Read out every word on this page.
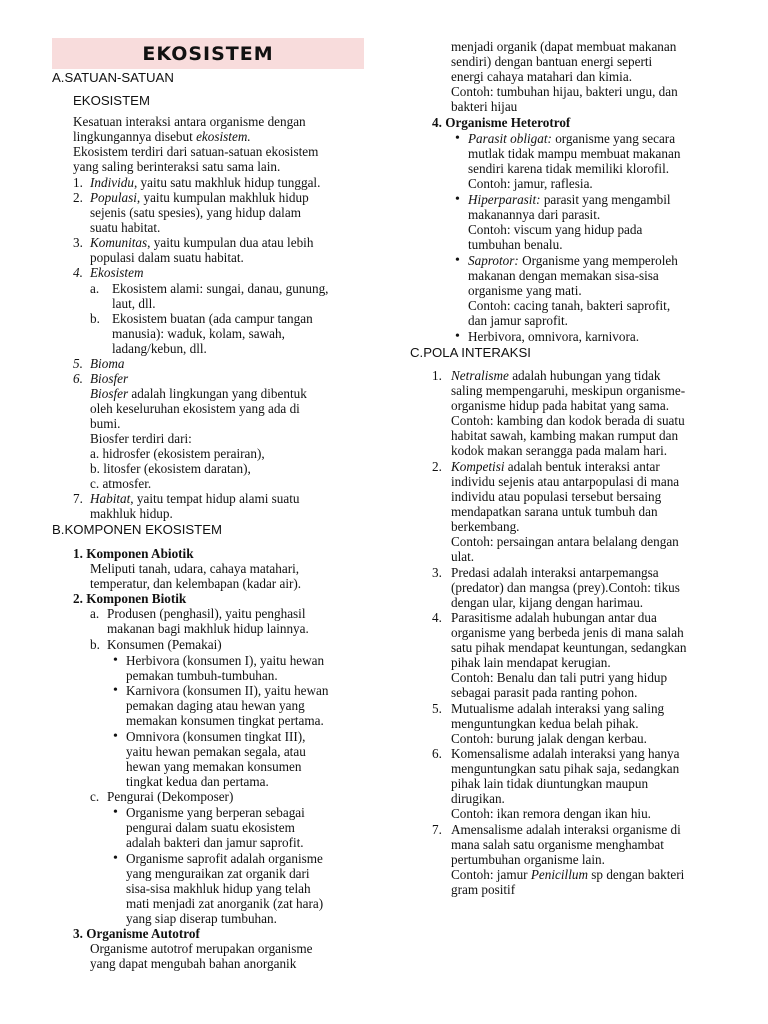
EKOSISTEM
A.SATUAN-SATUAN
EKOSISTEM
Kesatuan interaksi antara organisme dengan
lingkungannya disebut ekosistem.
Ekosistem terdiri dari satuan-satuan ekosistem
yang saling berinteraksi satu sama lain.
1. Individu, yaitu satu makhluk hidup tunggal.
2. Populasi, yaitu kumpulan makhluk hidup
sejenis (satu spesies), yang hidup dalam
suatu habitat.
3. Komunitas, yaitu kumpulan dua atau lebih
populasi dalam suatu habitat.
4. Ekosistem
a. Ekosistem alami: sungai, danau, gunung,
laut, dll.
b. Ekosistem buatan (ada campur tangan
manusia): waduk, kolam, sawah,
ladang/kebun, dll.
5. Bioma
6. Biosfer
Biosfer adalah lingkungan yang dibentuk
oleh keseluruhan ekosistem yang ada di
bumi.
Biosfer terdiri dari:
a. hidrosfer (ekosistem perairan),
b. litosfer (ekosistem daratan),
c. atmosfer.
7. Habitat, yaitu tempat hidup alami suatu
makhluk hidup.
B.KOMPONEN EKOSISTEM
1. Komponen Abiotik
Meliputi tanah, udara, cahaya matahari,
temperatur, dan kelembapan (kadar air).
2. Komponen Biotik
a. Produsen (penghasil), yaitu penghasil
makanan bagi makhluk hidup lainnya.
b. Konsumen (Pemakai)
• Herbivora (konsumen I), yaitu hewan
pemakan tumbuh-tumbuhan.
• Karnivora (konsumen II), yaitu hewan
pemakan daging atau hewan yang
memakan konsumen tingkat pertama.
• Omnivora (konsumen tingkat III),
yaitu hewan pemakan segala, atau
hewan yang memakan konsumen
tingkat kedua dan pertama.
c. Pengurai (Dekomposer)
• Organisme yang berperan sebagai
pengurai dalam suatu ekosistem
adalah bakteri dan jamur saprofit.
• Organisme saprofit adalah organisme
yang menguraikan zat organik dari
sisa-sisa makhluk hidup yang telah
mati menjadi zat anorganik (zat hara)
yang siap diserap tumbuhan.
3. Organisme Autotrof
Organisme autotrof merupakan organisme
yang dapat mengubah bahan anorganik
menjadi organik (dapat membuat makanan
sendiri) dengan bantuan energi seperti
energi cahaya matahari dan kimia.
Contoh: tumbuhan hijau, bakteri ungu, dan
bakteri hijau
4. Organisme Heterotrof
• Parasit obligat: organisme yang secara
mutlak tidak mampu membuat makanan
sendiri karena tidak memiliki klorofil.
Contoh: jamur, raflesia.
• Hiperparasit: parasit yang mengambil
makanannya dari parasit.
Contoh: viscum yang hidup pada
tumbuhan benalu.
• Saprotor: Organisme yang memperoleh
makanan dengan memakan sisa-sisa
organisme yang mati.
Contoh: cacing tanah, bakteri saprofit,
dan jamur saprofit.
• Herbivora, omnivora, karnivora.
C.POLA INTERAKSI
1. Netralisme adalah hubungan yang tidak
saling mempengaruhi, meskipun organisme-
organisme hidup pada habitat yang sama.
Contoh: kambing dan kodok berada di suatu
habitat sawah, kambing makan rumput dan
kodok makan serangga pada malam hari.
2. Kompetisi adalah bentuk interaksi antar
individu sejenis atau antarpopulasi di mana
individu atau populasi tersebut bersaing
mendapatkan sarana untuk tumbuh dan
berkembang.
Contoh: persaingan antara belalang dengan
ulat.
3. Predasi adalah interaksi antarpemangsa
(predator) dan mangsa (prey).Contoh: tikus
dengan ular, kijang dengan harimau.
4. Parasitisme adalah hubungan antar dua
organisme yang berbeda jenis di mana salah
satu pihak mendapat keuntungan, sedangkan
pihak lain mendapat kerugian.
Contoh: Benalu dan tali putri yang hidup
sebagai parasit pada ranting pohon.
5. Mutualisme adalah interaksi yang saling
menguntungkan kedua belah pihak.
Contoh: burung jalak dengan kerbau.
6. Komensalisme adalah interaksi yang hanya
menguntungkan satu pihak saja, sedangkan
pihak lain tidak diuntungkan maupun
dirugikan.
Contoh: ikan remora dengan ikan hiu.
7. Amensalisme adalah interaksi organisme di
mana salah satu organisme menghambat
pertumbuhan organisme lain.
Contoh: jamur Penicillum sp dengan bakteri
gram positif
